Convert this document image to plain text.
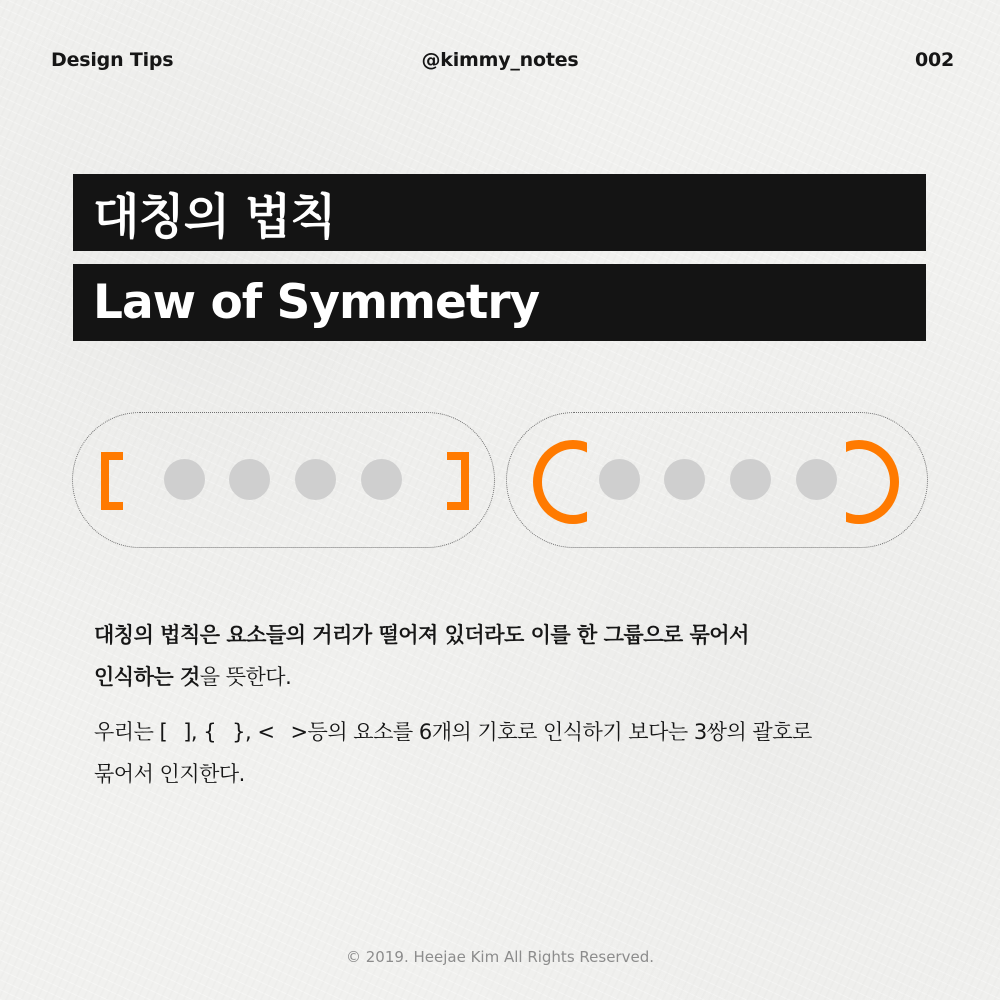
Design Tips	@kimmy_notes	002
대칭의 법칙
Law of Symmetry
대칭의 법칙은 요소들의 거리가 떨어져 있더라도 이를 한 그룹으로 묶어서
인식하는 것을 뜻한다.
우리는 [ ], { }, < >등의 요소를 6개의 기호로 인식하기 보다는 3쌍의 괄호로
묶어서 인지한다.
© 2019. Heejae Kim All Rights Reserved.
